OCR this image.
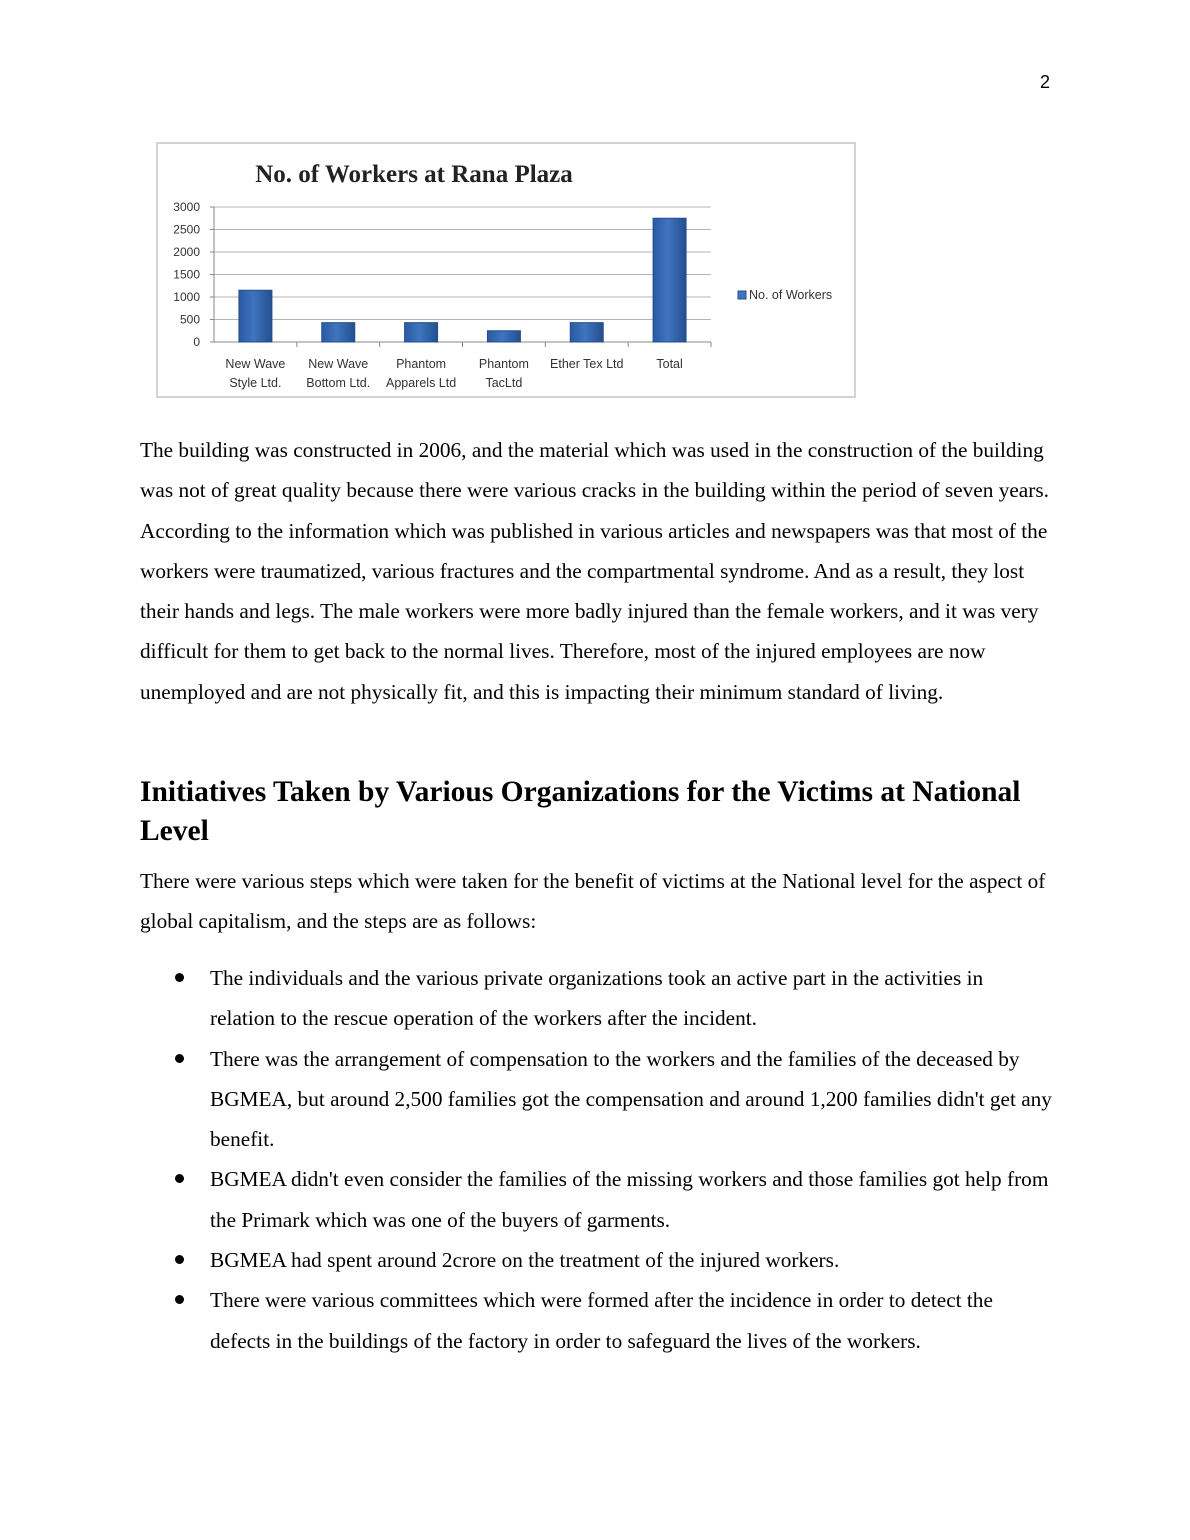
2
No. of Workers at Rana Plaza
0
500
1000
1500
2000
2500
3000
New Wave
Style Ltd.
New Wave
Bottom Ltd.
Phantom
Apparels Ltd
Phantom
TacLtd
Ether Tex Ltd	Total
No. of Workers

The building was constructed in 2006, and the material which was used in the construction of the building was not of great quality because there were various cracks in the building within the period of seven years. According to the information which was published in various articles and newspapers was that most of the workers were traumatized, various fractures and the compartmental syndrome. And as a result, they lost their hands and legs. The male workers were more badly injured than the female workers, and it was very difficult for them to get back to the normal lives. Therefore, most of the injured employees are now unemployed and are not physically fit, and this is impacting their minimum standard of living.

Initiatives Taken by Various Organizations for the Victims at National Level

There were various steps which were taken for the benefit of victims at the National level for the aspect of global capitalism, and the steps are as follows:

The individuals and the various private organizations took an active part in the activities in relation to the rescue operation of the workers after the incident.
There was the arrangement of compensation to the workers and the families of the deceased by BGMEA, but around 2,500 families got the compensation and around 1,200 families didn't get any benefit.
BGMEA didn't even consider the families of the missing workers and those families got help from the Primark which was one of the buyers of garments.
BGMEA had spent around 2crore on the treatment of the injured workers.
There were various committees which were formed after the incidence in order to detect the defects in the buildings of the factory in order to safeguard the lives of the workers.
